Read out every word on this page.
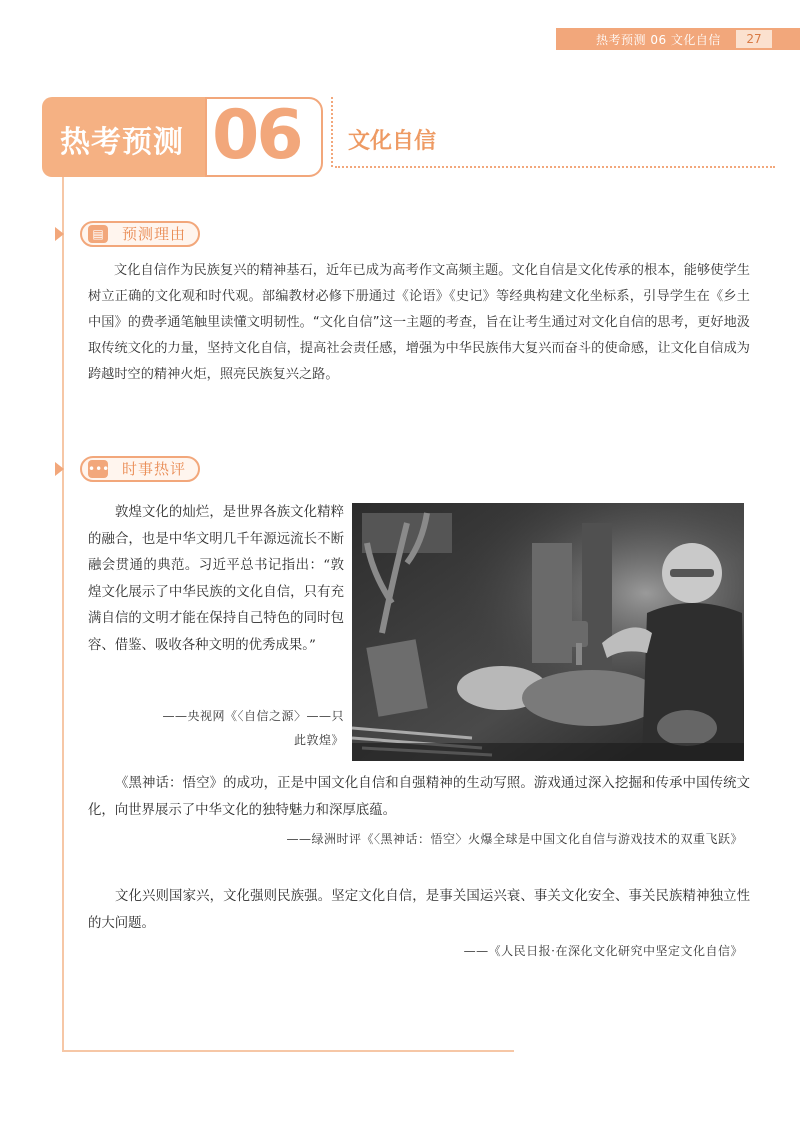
热考预测 06 文化自信	27
热考预测 06 文化自信
▤ 预测理由

文化自信作为民族复兴的精神基石，近年已成为高考作文高频主题。文化自信是文化传承的根本，能够使学生树立正确的文化观和时代观。部编教材必修下册通过《论语》《史记》等经典构建文化坐标系，引导学生在《乡土中国》的费孝通笔触里读懂文明韧性。“文化自信”这一主题的考查，旨在让考生通过对文化自信的思考，更好地汲取传统文化的力量，坚持文化自信，提高社会责任感，增强为中华民族伟大复兴而奋斗的使命感，让文化自信成为跨越时空的精神火炬，照亮民族复兴之路。

••• 时事热评

敦煌文化的灿烂，是世界各族文化精粹的融合，也是中华文明几千年源远流长不断融会贯通的典范。习近平总书记指出：“敦煌文化展示了中华民族的文化自信，只有充满自信的文明才能在保持自己特色的同时包容、借鉴、吸收各种文明的优秀成果。”

——央视网《〈自信之源〉——只
此敦煌》

《黑神话：悟空》的成功，正是中国文化自信和自强精神的生动写照。游戏通过深入挖掘和传承中国传统文化，向世界展示了中华文化的独特魅力和深厚底蕴。

——绿洲时评《〈黑神话：悟空〉火爆全球是中国文化自信与游戏技术的双重飞跃》

文化兴则国家兴，文化强则民族强。坚定文化自信，是事关国运兴衰、事关文化安全、事关民族精神独立性的大问题。

——《人民日报·在深化文化研究中坚定文化自信》
